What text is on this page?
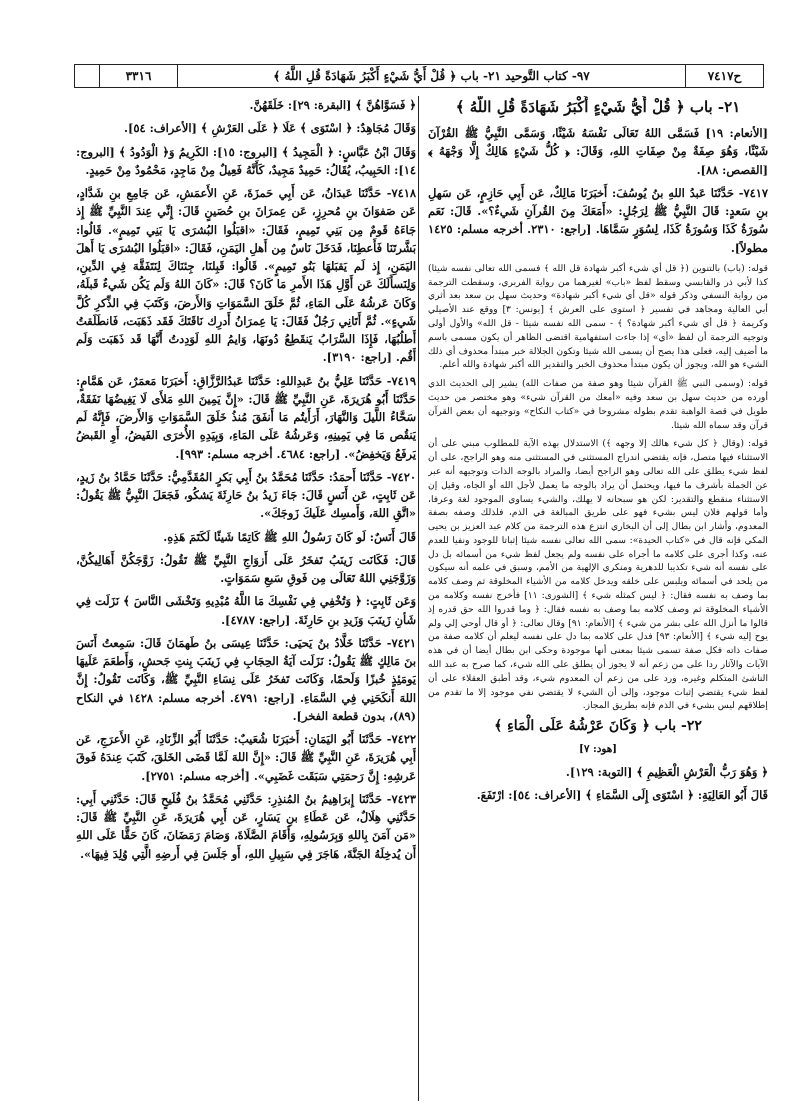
ح٧٤١٧
٩٧- كتاب التَّوحيد ٢١- باب ﴿ قُلْ أَيُّ شَيْءٍ أَكْبَرُ شَهَادَةً قُلِ اللَّهُ ﴾
٣٣١٦
٢١- باب ﴿ قُلْ أَيُّ شَيْءٍ أَكْبَرُ شَهَادَةً قُلِ اللَّهُ ﴾

[الأنعام: ١٩] فَسَمَّى اللهُ تَعَالَى نَفْسَهُ شَيْئًا، وَسَمَّى النَّبِيُّ ﷺ القُرْآنَ شَيْئًا، وَهُوَ صِفَةٌ مِنْ صِفَاتِ اللهِ، وَقَالَ: ﴿ كُلُّ شَيْءٍ هَالِكٌ إِلَّا وَجْهَهُ ﴾ [القصص: ٨٨].

٧٤١٧- حَدَّثَنَا عَبدُ اللهِ بنُ يُوسُفَ: أَخبَرَنَا مَالِكٌ، عَن أَبِي حَازِمٍ، عَن سَهلِ بنِ سَعدٍ: قَالَ النَّبِيُّ ﷺ لِرَجُلٍ: «أَمَعَكَ مِنَ القُرآنِ شَيءٌ؟». قَالَ: نَعَم سُورَةُ كَذَا وَسُورَةُ كَذَا، لِسُوَرٍ سَمَّاهَا. [راجع: ٢٣١٠. أخرجه مسلم: ١٤٢٥ مطولاً].

قوله: (باب) بالتنوين (﴿ قل أي شيء أكبر شهادة قل الله ﴾ فسمى الله تعالى نفسه شيئا) كذا لأبي ذر والقابسي وسقط لفظ «باب» لغيرهما من رواية الفربري، وسقطت الترجمة من رواية النسفي وذكر قوله «قل أي شيء أكبر شهادة» وحديث سهل بن سعد بعد أثري أبي العالية ومجاهد في تفسير ﴿ استوى على العرش ﴾ [يونس: ٣] ووقع عند الأصيلي وكريمة ﴿ قل أي شيء أكبر شهادة؟ ﴾ - سمى الله نفسه شيئا - قل الله» والأول أولى وتوجيه الترجمة أن لفظ «أي» إذا جاءت استفهامية اقتضى الظاهر أن يكون مسمى باسم ما أضيف إليه، فعلى هذا يصح أن يسمى الله شيئا وتكون الجلالة خبر مبتدأ محذوف أي ذلك الشيء هو الله، ويجوز أن يكون مبتدأ محذوف الخبر والتقدير الله أكبر شهادة والله أعلم.

قوله: (وسمى النبي ﷺ القرآن شيئا وهو صفة من صفات الله) يشير إلى الحديث الذي أورده من حديث سهل بن سعد وفيه «أمعك من القرآن شيء» وهو مختصر من حديث طويل في قصة الواهبة تقدم بطوله مشروحا في «كتاب النكاح» وتوجيهه أن بعض القرآن قرآن وقد سماه الله شيئا.

قوله: (وقال ﴿ كل شيء هالك إلا وجهه ﴾) الاستدلال بهذه الآية للمطلوب مبني على أن الاستثناء فيها متصل، فإنه يقتضي اندراج المستثنى في المستثنى منه وهو الراجح، على أن لفظ شيء يطلق على الله تعالى وهو الراجح أيضا، والمراد بالوجه الذات وتوجيهه أنه عبر عن الجملة بأشرف ما فيها، ويحتمل أن يراد بالوجه ما يعمل لأجل الله أو الجاه، وقيل إن الاستثناء منقطع والتقدير: لكن هو سبحانه لا يهلك، والشيء يساوي الموجود لغة وعرفا، وأما قولهم فلان ليس بشيء فهو على طريق المبالغة في الذم، فلذلك وصفه بصفة المعدوم، وأشار ابن بطال إلى أن البخاري انتزع هذه الترجمة من كلام عبد العزيز بن يحيى المكي فإنه قال في «كتاب الحيدة»: سمى الله تعالى نفسه شيئا إثباتا للوجود ونفيا للعدم عنه، وكذا أجرى على كلامه ما أجراه على نفسه ولم يجعل لفظ شيء من أسمائه بل دل على نفسه أنه شيء تكذيبا للدهرية ومنكري الإلهية من الأمم، وسبق في علمه أنه سيكون من يلحد في أسمائه ويلبس على خلقه ويدخل كلامه من الأشياء المخلوقة ثم وصف كلامه بما وصف به نفسه فقال: ﴿ ليس كمثله شيء ﴾ [الشورى: ١١] فأخرج نفسه وكلامه من الأشياء المخلوقة ثم وصف كلامه بما وصف به نفسه فقال: ﴿ وما قدروا الله حق قدره إذ قالوا ما أنزل الله على بشر من شيء ﴾ [الأنعام: ٩١] وقال تعالى: ﴿ أو قال أوحي إلي ولم يوح إليه شيء ﴾ [الأنعام: ٩٣] فدل على كلامه بما دل على نفسه ليعلم أن كلامه صفة من صفات ذاته فكل صفة تسمى شيئا بمعنى أنها موجودة وحكى ابن بطال أيضا أن في هذه الآيات والآثار ردا على من زعم أنه لا يجوز أن يطلق على الله شيء، كما صرح به عبد الله الناشئ المتكلم وغيره، ورد على من زعم أن المعدوم شيء، وقد أطبق العقلاء على أن لفظ شيء يقتضي إثبات موجود، وإلى أن الشيء لا يقتضي نفي موجود إلا ما تقدم من إطلاقهم ليس بشيء في الذم فإنه بطريق المجاز.

٢٢- باب ﴿ وَكَانَ عَرْشُهُ عَلَى الْمَاءِ ﴾

[هود: ٧]

﴿ وَهُوَ رَبُّ الْعَرْشِ الْعَظِيمِ ﴾ [التوبة: ١٢٩].

قَالَ أَبُو العَالِيَةِ: ﴿ اسْتَوَى إِلَى السَّمَاءِ ﴾ [الأعراف: ٥٤]: ارْتَفَعَ.

﴿ فَسَوَّاهُنَّ ﴾ [البقرة: ٢٩]: خَلَقَهُنَّ.

وَقَالَ مُجَاهِدٌ: ﴿ اسْتَوَى ﴾ عَلَا ﴿ عَلَى العَرْشِ ﴾ [الأعراف: ٥٤].

وَقَالَ ابْنُ عَبَّاسٍ: ﴿ الْمَجِيدُ ﴾ [البروج: ١٥]: الكَرِيمُ وَ﴿ الْوَدُودُ ﴾ [البروج: ١٤]: الحَبِيبُ، يُقَالُ: حَمِيدٌ مَجِيدٌ، كَأَنَّهُ فَعِيلٌ مِنْ مَاجِدٍ، مَحْمُودٌ مِنْ حَمِيدٍ.

٧٤١٨- حَدَّثَنَا عَبدَانُ، عَن أَبِي حَمزَةَ، عَنِ الأَعمَشِ، عَن جَامِعِ بنِ شَدَّادٍ، عَن صَفوَانَ بنِ مُحرِزٍ، عَن عِمرَانَ بنِ حُصَينٍ قَالَ: إِنِّي عِندَ النَّبِيِّ ﷺ إِذ جَاءَهُ قَومٌ مِن بَنِي تَمِيمٍ، فَقَالَ: «اقبَلُوا البُشرَى يَا بَنِي تَمِيمٍ». قَالُوا: بَشَّرتَنَا فَأَعطِنَا، فَدَخَلَ نَاسٌ مِن أَهلِ اليَمَنِ، فَقَالَ: «اقبَلُوا البُشرَى يَا أَهلَ اليَمَنِ، إِذ لَم يَقبَلهَا بَنُو تَمِيمٍ». قَالُوا: قَبِلنَا، جِئنَاكَ لِنَتَفَقَّهَ فِي الدِّينِ، وَلِنَسأَلَكَ عَن أَوَّلِ هَذَا الأَمرِ مَا كَانَ؟ قَالَ: «كَانَ اللهُ وَلَم يَكُن شَيءٌ قَبلَهُ، وَكَانَ عَرشُهُ عَلَى المَاءِ، ثُمَّ خَلَقَ السَّمَوَاتِ وَالأَرضَ، وَكَتَبَ فِي الذِّكرِ كُلَّ شَيءٍ». ثُمَّ أَتَانِي رَجُلٌ فَقَالَ: يَا عِمرَانُ أَدرِك نَاقَتَكَ فَقَد ذَهَبَت، فَانطَلَقتُ أَطلُبُهَا، فَإِذَا السَّرَابُ يَنقَطِعُ دُونَهَا، وَايمُ اللهِ لَوَدِدتُ أَنَّهَا قَد ذَهَبَت وَلَم أَقُم. [راجع: ٣١٩٠].

٧٤١٩- حَدَّثَنَا عَلِيُّ بنُ عَبدِاللهِ: حَدَّثَنَا عَبدُالرَّزَّاقِ: أَخبَرَنَا مَعمَرٌ، عَن هَمَّامٍ: حَدَّثَنَا أَبُو هُرَيرَةَ، عَنِ النَّبِيِّ ﷺ قَالَ: «إِنَّ يَمِينَ اللهِ مَلأَى لَا يَغِيضُهَا نَفَقَةٌ، سَحَّاءُ اللَّيلَ وَالنَّهَارَ، أَرَأَيتُم مَا أَنفَقَ مُنذُ خَلَقَ السَّمَوَاتِ وَالأَرضَ، فَإِنَّهُ لَم يَنقُص مَا فِي يَمِينِهِ، وَعَرشُهُ عَلَى المَاءِ، وَبِيَدِهِ الأُخرَى الفَيضُ، أَوِ القَبضُ يَرفَعُ وَيَخفِضُ». [راجع: ٤٦٨٤. أخرجه مسلم: ٩٩٣].

٧٤٢٠- حَدَّثَنَا أَحمَدُ: حَدَّثَنَا مُحَمَّدُ بنُ أَبِي بَكرٍ المُقَدَّمِيُّ: حَدَّثَنَا حَمَّادُ بنُ زَيدٍ، عَن ثَابِتٍ، عَن أَنَسٍ قَالَ: جَاءَ زَيدُ بنُ حَارِثَةَ يَشكُو، فَجَعَلَ النَّبِيُّ ﷺ يَقُولُ: «اتَّقِ اللهَ، وَأَمسِك عَلَيكَ زَوجَكَ».

قَالَ أَنَسٌ: لَو كَانَ رَسُولُ اللهِ ﷺ كَاتِمًا شَيئًا لَكَتَمَ هَذِهِ.

قَالَ: فَكَانَت زَينَبُ تَفخَرُ عَلَى أَزوَاجِ النَّبِيِّ ﷺ تَقُولُ: زَوَّجَكُنَّ أَهَالِيكُنَّ، وَزَوَّجَنِي اللهُ تَعَالَى مِن فَوقِ سَبعِ سَمَوَاتٍ.

وَعَن ثَابِتٍ: ﴿ وَتُخْفِي فِي نَفْسِكَ مَا اللَّهُ مُبْدِيهِ وَتَخْشَى النَّاسَ ﴾ نَزَلَت فِي شَأنِ زَينَبَ وَزَيدِ بنِ حَارِثَةَ. [راجع: ٤٧٨٧].

٧٤٢١- حَدَّثَنَا خَلَّادُ بنُ يَحيَى: حَدَّثَنَا عِيسَى بنُ طَهمَانَ قَالَ: سَمِعتُ أَنَسَ بنَ مَالِكٍ ﷺ يَقُولُ: نَزَلَت آيَةُ الحِجَابِ فِي زَينَبَ بِنتِ جَحشٍ، وَأَطعَمَ عَلَيهَا يَومَئِذٍ خُبزًا وَلَحمًا، وَكَانَت تَفخَرُ عَلَى نِسَاءِ النَّبِيِّ ﷺ، وَكَانَت تَقُولُ: إِنَّ اللهَ أَنكَحَنِي فِي السَّمَاءِ. [راجع: ٤٧٩١. أخرجه مسلم: ١٤٢٨ في النكاح (٨٩)، بدون قطعة الفخر].

٧٤٢٢- حَدَّثَنَا أَبُو اليَمَانِ: أَخبَرَنَا شُعَيبٌ: حَدَّثَنَا أَبُو الزِّنَادِ، عَنِ الأَعرَجِ، عَن أَبِي هُرَيرَةَ، عَنِ النَّبِيِّ ﷺ قَالَ: «إِنَّ اللهَ لَمَّا قَضَى الخَلقَ، كَتَبَ عِندَهُ فَوقَ عَرشِهِ: إِنَّ رَحمَتِي سَبَقَت غَضَبِي». [أخرجه مسلم: ٢٧٥١].

٧٤٢٣- حَدَّثَنَا إِبرَاهِيمُ بنُ المُنذِرِ: حَدَّثَنِي مُحَمَّدُ بنُ فُلَيحٍ قَالَ: حَدَّثَنِي أَبِي: حَدَّثَنِي هِلَالٌ، عَن عَطَاءِ بنِ يَسَارٍ، عَن أَبِي هُرَيرَةَ، عَنِ النَّبِيِّ ﷺ قَالَ: «مَن آمَنَ بِاللهِ وَبِرَسُولِهِ، وَأَقَامَ الصَّلَاةَ، وَصَامَ رَمَضَانَ، كَانَ حَقًّا عَلَى اللهِ أَن يُدخِلَهُ الجَنَّةَ، هَاجَرَ فِي سَبِيلِ اللهِ، أَو جَلَسَ فِي أَرضِهِ الَّتِي وُلِدَ فِيهَا».
